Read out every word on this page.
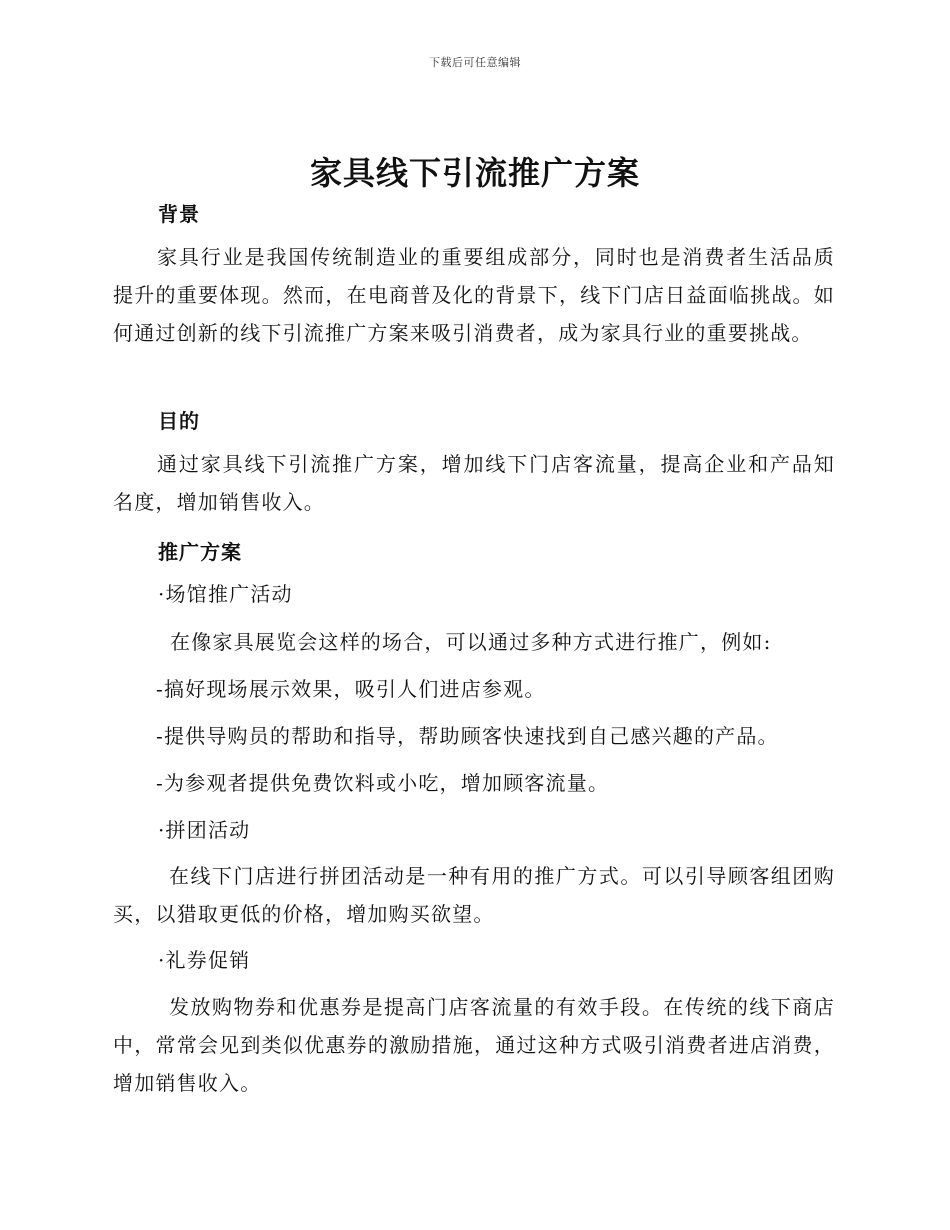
下载后可任意编辑
家具线下引流推广方案
背景
家具行业是我国传统制造业的重要组成部分，同时也是消费者生活品质提升的重要体现。然而，在电商普及化的背景下，线下门店日益面临挑战。如何通过创新的线下引流推广方案来吸引消费者，成为家具行业的重要挑战。
目的
通过家具线下引流推广方案，增加线下门店客流量，提高企业和产品知名度，增加销售收入。
推广方案
·场馆推广活动
在像家具展览会这样的场合，可以通过多种方式进行推广，例如:
-搞好现场展示效果，吸引人们进店参观。
-提供导购员的帮助和指导，帮助顾客快速找到自己感兴趣的产品。
-为参观者提供免费饮料或小吃，增加顾客流量。
·拼团活动
在线下门店进行拼团活动是一种有用的推广方式。可以引导顾客组团购买，以猎取更低的价格，增加购买欲望。
·礼券促销
发放购物券和优惠券是提高门店客流量的有效手段。在传统的线下商店中，常常会见到类似优惠券的激励措施，通过这种方式吸引消费者进店消费，增加销售收入。
